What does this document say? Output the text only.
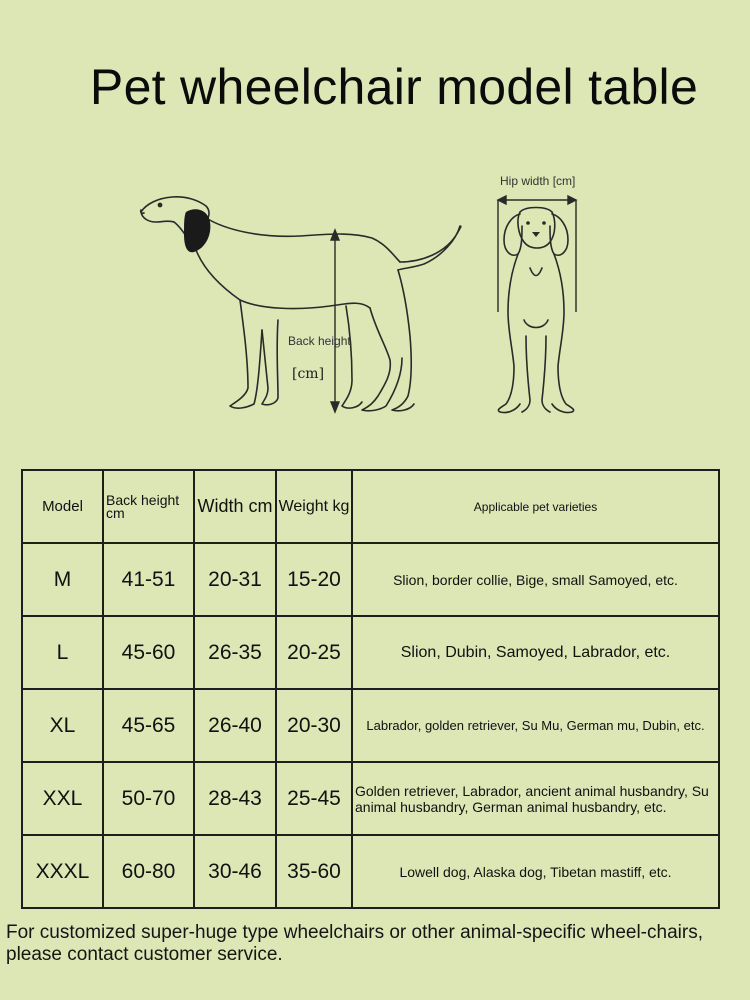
Pet wheelchair model table
Back height
[cm]
Hip width [cm]
Model	Back height cm	Width cm	Weight kg	Applicable pet varieties
M	41-51	20-31	15-20	Slion, border collie, Bige, small Samoyed, etc.
L	45-60	26-35	20-25	Slion, Dubin, Samoyed, Labrador, etc.
XL	45-65	26-40	20-30	Labrador, golden retriever, Su Mu, German mu, Dubin, etc.
XXL	50-70	28-43	25-45	Golden retriever, Labrador, ancient animal husbandry, Su animal husbandry, German animal husbandry, etc.
XXXL	60-80	30-46	35-60	Lowell dog, Alaska dog, Tibetan mastiff, etc.
For customized super-huge type wheelchairs or other animal-specific wheel-chairs, please contact customer service.
